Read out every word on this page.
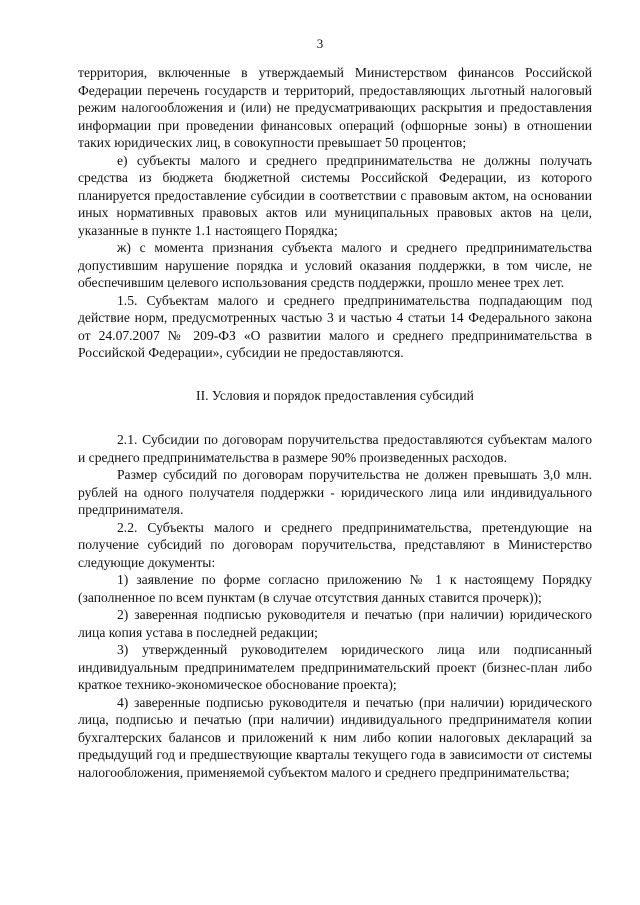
3

территория, включенные в утверждаемый Министерством финансов Российской Федерации перечень государств и территорий, предоставляющих льготный налоговый режим налогообложения и (или) не предусматривающих раскрытия и предоставления информации при проведении финансовых операций (офшорные зоны) в отношении таких юридических лиц, в совокупности превышает 50 процентов;

е) субъекты малого и среднего предпринимательства не должны получать средства из бюджета бюджетной системы Российской Федерации, из которого планируется предоставление субсидии в соответствии с правовым актом, на основании иных нормативных правовых актов или муниципальных правовых актов на цели, указанные в пункте 1.1 настоящего Порядка;

ж) с момента признания субъекта малого и среднего предпринимательства допустившим нарушение порядка и условий оказания поддержки, в том числе, не обеспечившим целевого использования средств поддержки, прошло менее трех лет.

1.5. Субъектам малого и среднего предпринимательства подпадающим под действие норм, предусмотренных частью 3 и частью 4 статьи 14 Федерального закона от 24.07.2007 № 209-ФЗ «О развитии малого и среднего предпринимательства в Российской Федерации», субсидии не предоставляются.

II. Условия и порядок предоставления субсидий

2.1. Субсидии по договорам поручительства предоставляются субъектам малого и среднего предпринимательства в размере 90% произведенных расходов.

Размер субсидий по договорам поручительства не должен превышать 3,0 млн. рублей на одного получателя поддержки - юридического лица или индивидуального предпринимателя.

2.2. Субъекты малого и среднего предпринимательства, претендующие на получение субсидий по договорам поручительства, представляют в Министерство следующие документы:

1) заявление по форме согласно приложению № 1 к настоящему Порядку (заполненное по всем пунктам (в случае отсутствия данных ставится прочерк));

2) заверенная подписью руководителя и печатью (при наличии) юридического лица копия устава в последней редакции;

3) утвержденный руководителем юридического лица или подписанный индивидуальным предпринимателем предпринимательский проект (бизнес-план либо краткое технико-экономическое обоснование проекта);

4) заверенные подписью руководителя и печатью (при наличии) юридического лица, подписью и печатью (при наличии) индивидуального предпринимателя копии бухгалтерских балансов и приложений к ним либо копии налоговых деклараций за предыдущий год и предшествующие кварталы текущего года в зависимости от системы налогообложения, применяемой субъектом малого и среднего предпринимательства;
